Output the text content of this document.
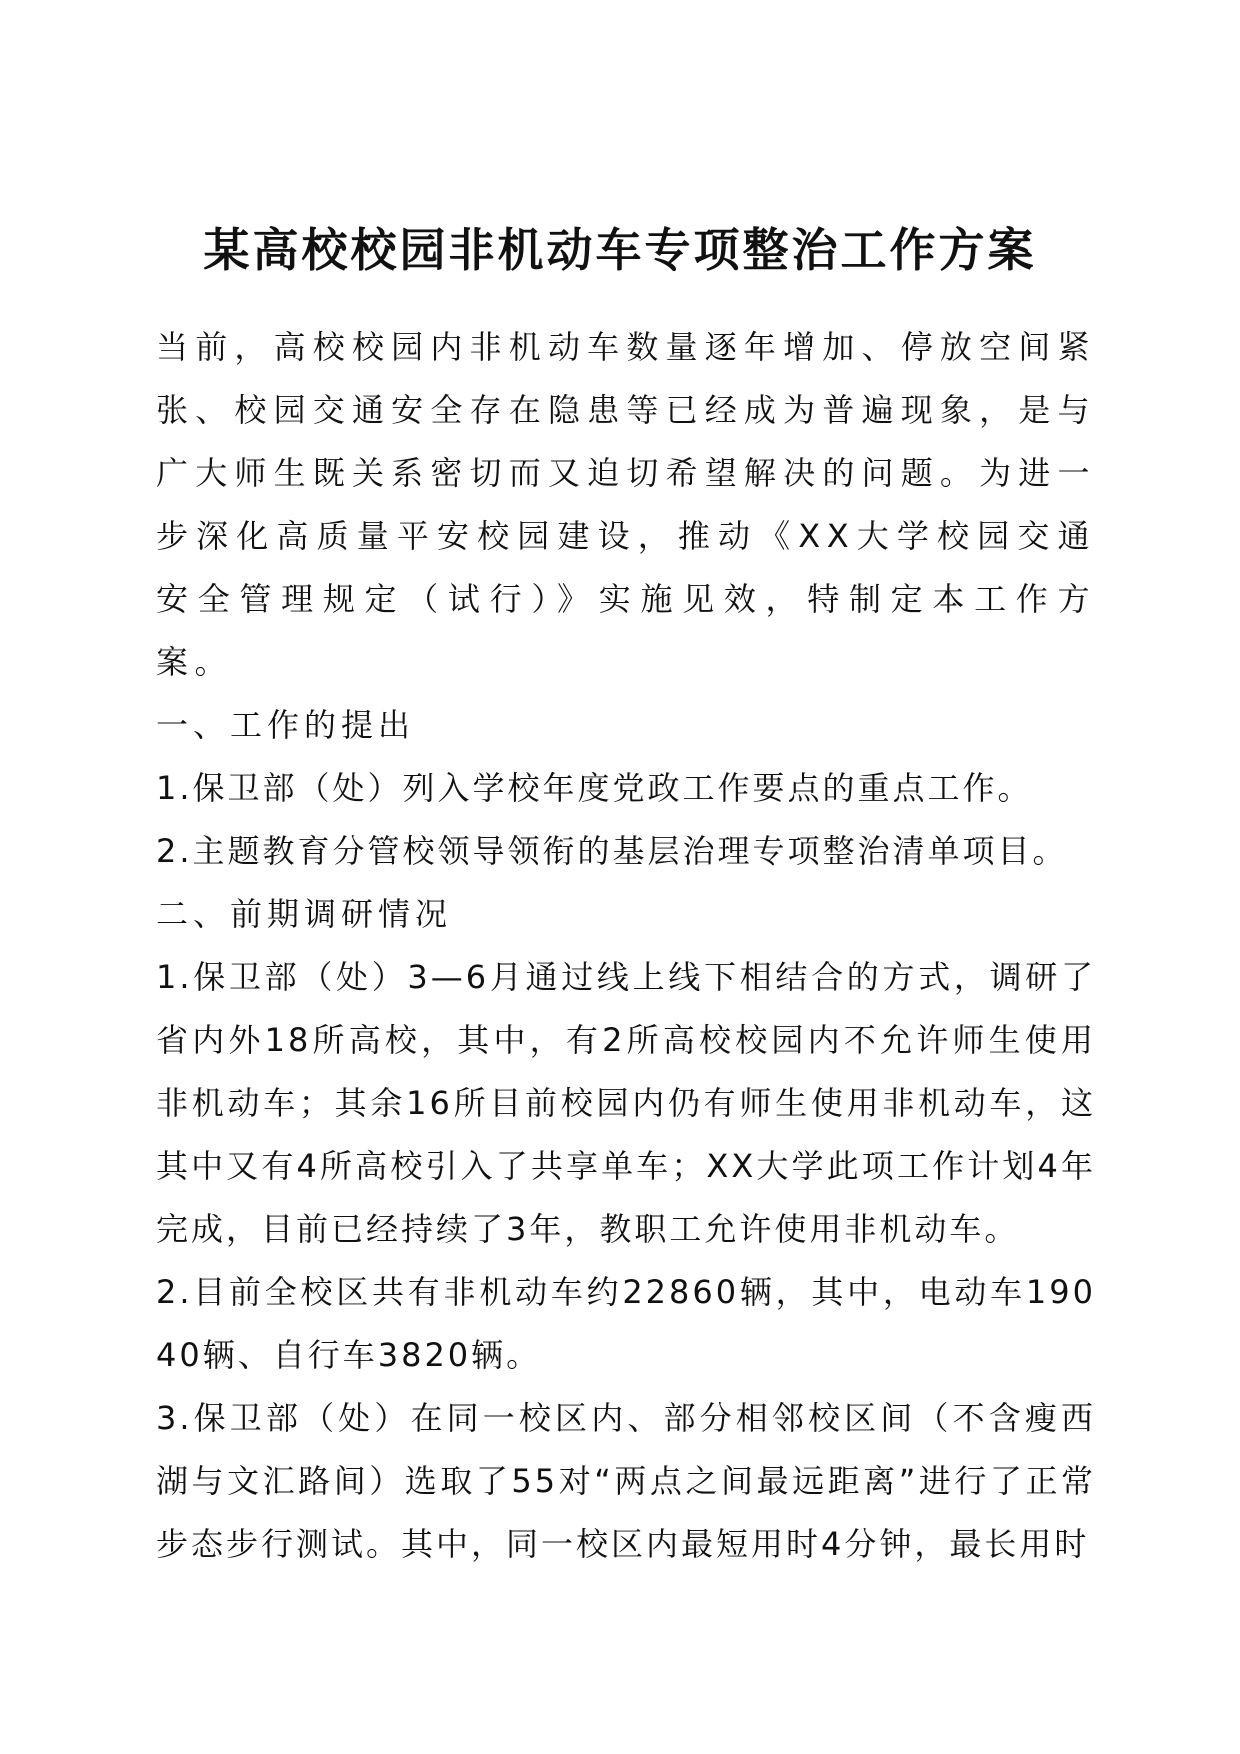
某高校校园非机动车专项整治工作方案

当前，高校校园内非机动车数量逐年增加、停放空间紧张、校园交通安全存在隐患等已经成为普遍现象，是与广大师生既关系密切而又迫切希望解决的问题。为进一步深化高质量平安校园建设，推动《XX大学校园交通安全管理规定（试行）》实施见效，特制定本工作方案。

一、工作的提出

1.保卫部（处）列入学校年度党政工作要点的重点工作。

2.主题教育分管校领导领衔的基层治理专项整治清单项目。

二、前期调研情况

1.保卫部（处）3—6月通过线上线下相结合的方式，调研了省内外18所高校，其中，有2所高校校园内不允许师生使用非机动车；其余16所目前校园内仍有师生使用非机动车，这其中又有4所高校引入了共享单车；XX大学此项工作计划4年完成，目前已经持续了3年，教职工允许使用非机动车。

2.目前全校区共有非机动车约22860辆，其中，电动车19040辆、自行车3820辆。

3.保卫部（处）在同一校区内、部分相邻校区间（不含瘦西湖与文汇路间）选取了55对“两点之间最远距离”进行了正常步态步行测试。其中，同一校区内最短用时4分钟，最长用时
